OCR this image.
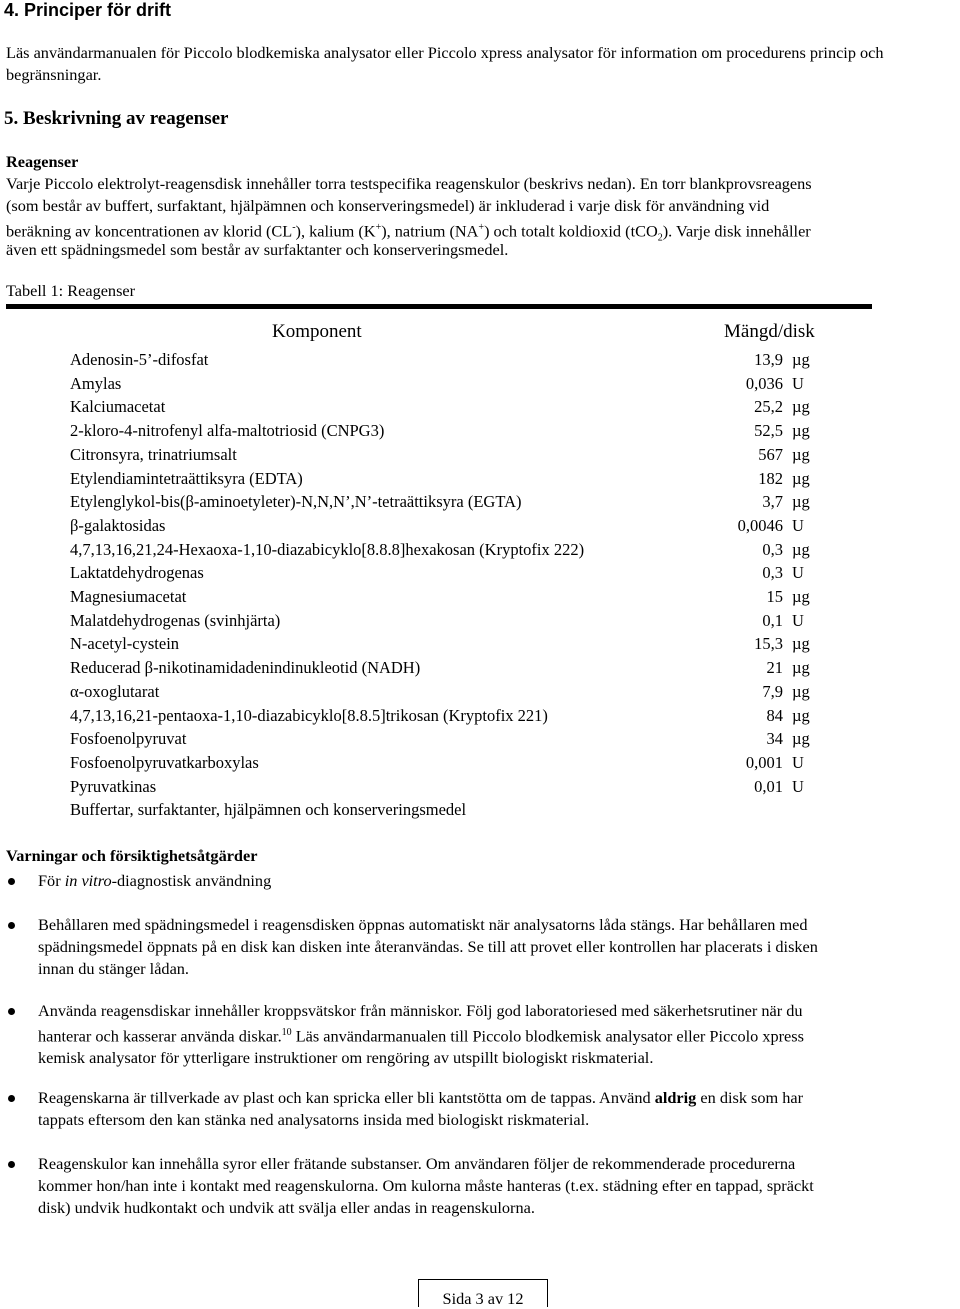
4. Principer för drift
Läs användarmanualen för Piccolo blodkemiska analysator eller Piccolo xpress analysator för information om procedurens princip och begränsningar.
5. Beskrivning av reagenser
Reagenser
Varje Piccolo elektrolyt-reagensdisk innehåller torra testspecifika reagenskulor (beskrivs nedan). En torr blankprovsreagens
(som består av buffert, surfaktant, hjälpämnen och konserveringsmedel) är inkluderad i varje disk för användning vid
beräkning av koncentrationen av klorid (CL-), kalium (K+), natrium (NA+) och totalt koldioxid (tCO$_2$). Varje disk innehåller
även ett spädningsmedel som består av surfaktanter och konserveringsmedel.
Tabell 1: Reagenser
Komponent	Mängd/disk
Adenosin-5’-difosfat	13,9 µg
Amylas	0,036 U
Kalciumacetat	25,2 µg
2-kloro-4-nitrofenyl alfa-maltotriosid (CNPG3)	52,5 µg
Citronsyra, trinatriumsalt	567 µg
Etylendiamintetraättiksyra (EDTA)	182 µg
Etylenglykol-bis(β-aminoetyleter)-N,N,N’,N’-tetraättiksyra (EGTA)	3,7 µg
β-galaktosidas	0,0046 U
4,7,13,16,21,24-Hexaoxa-1,10-diazabicyklo[8.8.8]hexakosan (Kryptofix 222)	0,3 µg
Laktatdehydrogenas	0,3 U
Magnesiumacetat	15 µg
Malatdehydrogenas (svinhjärta)	0,1 U
N-acetyl-cystein	15,3 µg
Reducerad β-nikotinamidadenindinukleotid (NADH)	21 µg
α-oxoglutarat	7,9 µg
4,7,13,16,21-pentaoxa-1,10-diazabicyklo[8.8.5]trikosan (Kryptofix 221)	84 µg
Fosfoenolpyruvat	34 µg
Fosfoenolpyruvatkarboxylas	0,001 U
Pyruvatkinas	0,01 U
Buffertar, surfaktanter, hjälpämnen och konserveringsmedel
Varningar och försiktighetsåtgärder
För in vitro-diagnostisk användning
Behållaren med spädningsmedel i reagensdisken öppnas automatiskt när analysatorns låda stängs. Har behållaren med
spädningsmedel öppnats på en disk kan disken inte återanvändas. Se till att provet eller kontrollen har placerats i disken
innan du stänger lådan.
Använda reagensdiskar innehåller kroppsvätskor från människor. Följ god laboratoriesed med säkerhetsrutiner när du
hanterar och kasserar använda diskar.$^{10}$ Läs användarmanualen till Piccolo blodkemisk analysator eller Piccolo xpress
kemisk analysator för ytterligare instruktioner om rengöring av utspillt biologiskt riskmaterial.
Reagenskarna är tillverkade av plast och kan spricka eller bli kantstötta om de tappas. Använd aldrig en disk som har
tappats eftersom den kan stänka ned analysatorns insida med biologiskt riskmaterial.
Reagenskulor kan innehålla syror eller frätande substanser. Om användaren följer de rekommenderade procedurerna
kommer hon/han inte i kontakt med reagenskulorna. Om kulorna måste hanteras (t.ex. städning efter en tappad, spräckt
disk) undvik hudkontakt och undvik att svälja eller andas in reagenskulorna.
Sida 3 av 12
